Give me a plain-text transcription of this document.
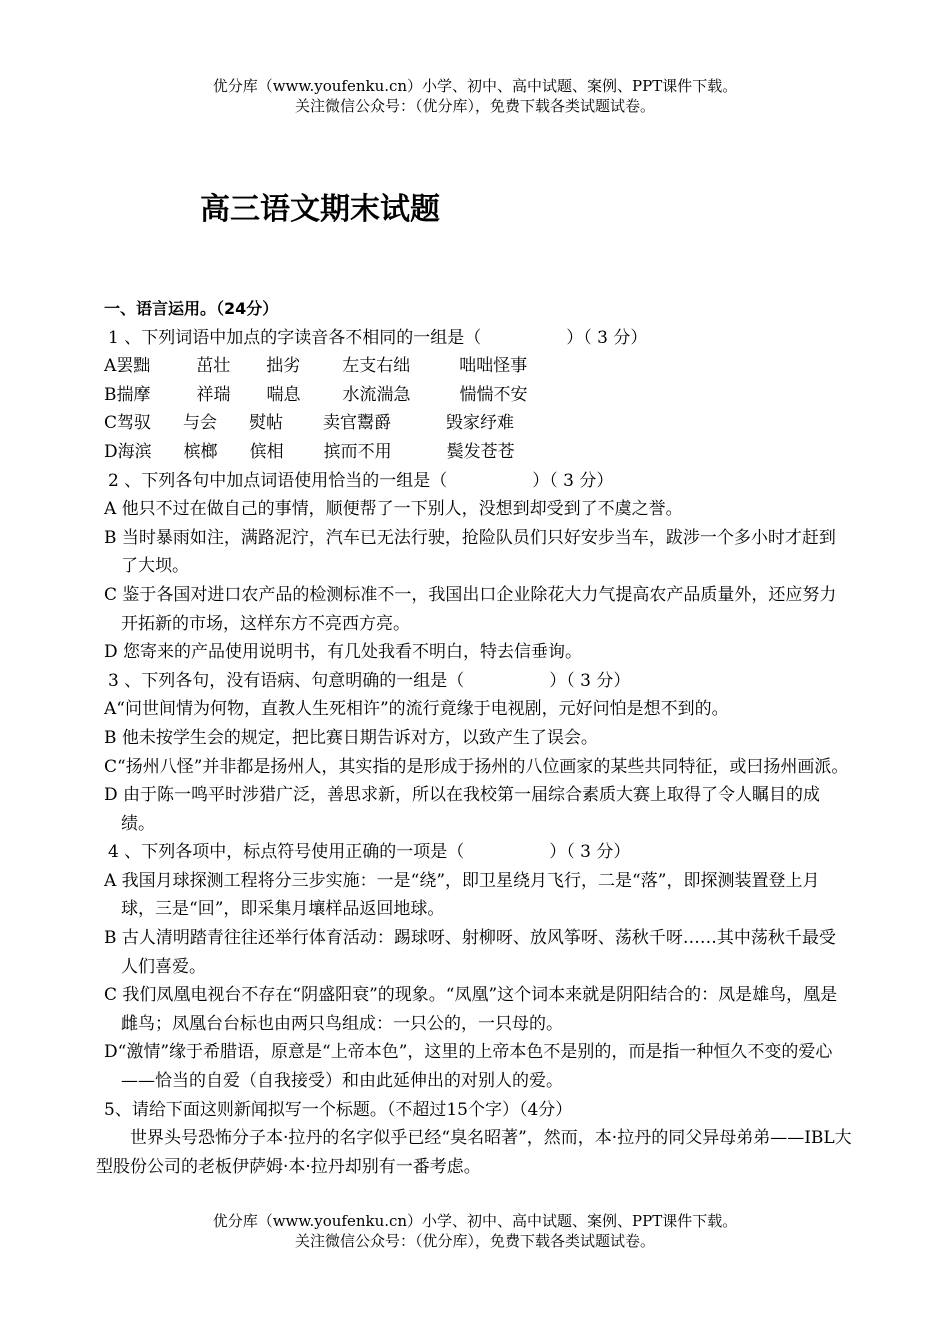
优分库（www.youfenku.cn）小学、初中、高中试题、案例、PPT课件下载。
关注微信公众号：（优分库），免费下载各类试题试卷。
高三语文期末试题
一、语言运用。（24分）
1 、下列词语中加点的字读音各不相同的一组是（　　　　　）（ 3 分）
A罢黜	茁壮 拙劣 左支右绌	咄咄怪事
B揣摩	祥瑞 喘息 水流湍急	惴惴不安
C驾驭 与会 熨帖 卖官鬻爵	毁家纾难
D海滨 槟榔 傧相 摈而不用	鬓发苍苍
2 、下列各句中加点词语使用恰当的一组是（　　　　　）（ 3 分）
A 他只不过在做自己的事情，顺便帮了一下别人，没想到却受到了不虞之誉。
B 当时暴雨如注，满路泥泞，汽车已无法行驶，抢险队员们只好安步当车，跋涉一个多小时才赶到了大坝。
C 鉴于各国对进口农产品的检测标准不一，我国出口企业除花大力气提高农产品质量外，还应努力开拓新的市场，这样东方不亮西方亮。
D 您寄来的产品使用说明书，有几处我看不明白，特去信垂询。
3 、下列各句，没有语病、句意明确的一组是（　　　　　）（ 3 分）
A“问世间情为何物，直教人生死相许”的流行竟缘于电视剧，元好问怕是想不到的。
B 他未按学生会的规定，把比赛日期告诉对方，以致产生了误会。
C“扬州八怪”并非都是扬州人，其实指的是形成于扬州的八位画家的某些共同特征，或曰扬州画派。
D 由于陈一鸣平时涉猎广泛，善思求新，所以在我校第一届综合素质大赛上取得了令人瞩目的成绩。
4 、下列各项中，标点符号使用正确的一项是（　　　　　）（ 3 分）
A 我国月球探测工程将分三步实施：一是“绕”，即卫星绕月飞行，二是“落”，即探测装置登上月球，三是“回”，即采集月壤样品返回地球。
B 古人清明踏青往往还举行体育活动：踢球呀、射柳呀、放风筝呀、荡秋千呀……其中荡秋千最受人们喜爱。
C 我们凤凰电视台不存在“阴盛阳衰”的现象。“凤凰”这个词本来就是阴阳结合的：凤是雄鸟，凰是雌鸟；凤凰台台标也由两只鸟组成：一只公的，一只母的。
D“激情”缘于希腊语，原意是“上帝本色”，这里的上帝本色不是别的，而是指一种恒久不变的爱心——恰当的自爱（自我接受）和由此延伸出的对别人的爱。
5、请给下面这则新闻拟写一个标题。（不超过15个字）（4分）
世界头号恐怖分子本·拉丹的名字似乎已经“臭名昭著”，然而，本·拉丹的同父异母弟弟——IBL大型股份公司的老板伊萨姆·本·拉丹却别有一番考虑。
优分库（www.youfenku.cn）小学、初中、高中试题、案例、PPT课件下载。
关注微信公众号：（优分库），免费下载各类试题试卷。
